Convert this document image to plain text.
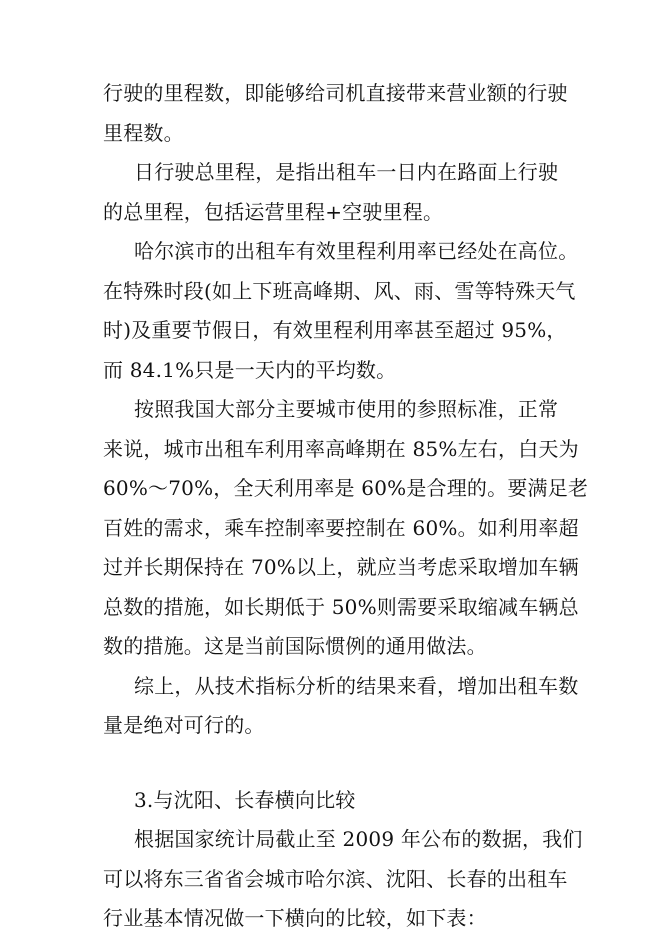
行驶的里程数，即能够给司机直接带来营业额的行驶
里程数。
日行驶总里程，是指出租车一日内在路面上行驶
的总里程，包括运营里程+空驶里程。
哈尔滨市的出租车有效里程利用率已经处在高位。
在特殊时段(如上下班高峰期、风、雨、雪等特殊天气
时)及重要节假日，有效里程利用率甚至超过 95%，
而 84.1%只是一天内的平均数。
按照我国大部分主要城市使用的参照标准，正常
来说，城市出租车利用率高峰期在 85%左右，白天为
60%～70%，全天利用率是 60%是合理的。要满足老
百姓的需求，乘车控制率要控制在 60%。如利用率超
过并长期保持在 70%以上，就应当考虑采取增加车辆
总数的措施，如长期低于 50%则需要采取缩减车辆总
数的措施。这是当前国际惯例的通用做法。
综上，从技术指标分析的结果来看，增加出租车数
量是绝对可行的。
3.与沈阳、长春横向比较
根据国家统计局截止至 2009 年公布的数据，我们
可以将东三省省会城市哈尔滨、沈阳、长春的出租车
行业基本情况做一下横向的比较，如下表：
